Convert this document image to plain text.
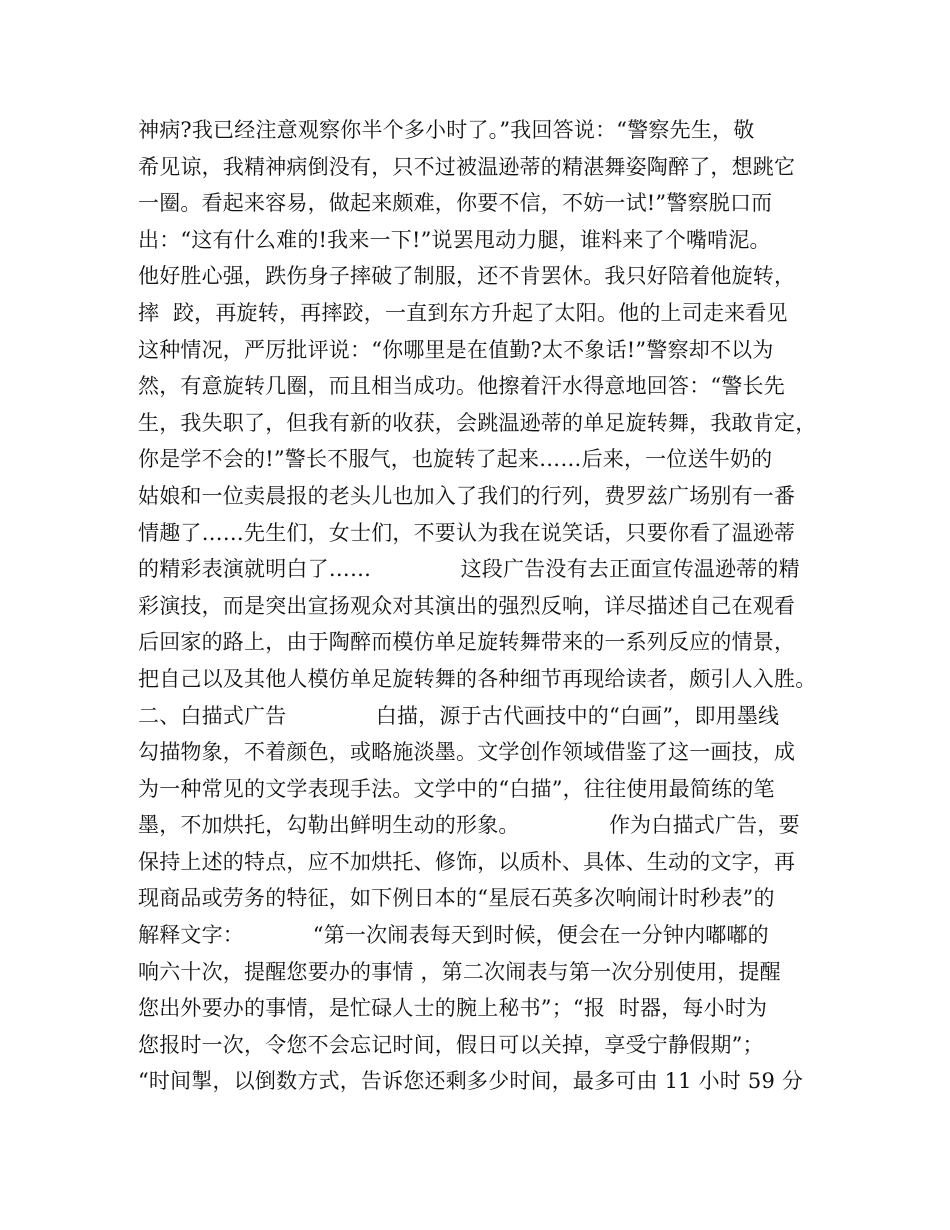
神病?我已经注意观察你半个多小时了。”我回答说：“警察先生，敬
希见谅，我精神病倒没有，只不过被温逊蒂的精湛舞姿陶醉了，想跳它
一圈。看起来容易，做起来颇难，你要不信，不妨一试!”警察脱口而
出：“这有什么难的!我来一下!”说罢甩动力腿，谁料来了个嘴啃泥。
他好胜心强，跌伤身子摔破了制服，还不肯罢休。我只好陪着他旋转，
摔  跤，再旋转，再摔跤，一直到东方升起了太阳。他的上司走来看见
这种情况，严厉批评说：“你哪里是在值勤?太不象话!”警察却不以为
然，有意旋转几圈，而且相当成功。他擦着汗水得意地回答：“警长先
生，我失职了，但我有新的收获，会跳温逊蒂的单足旋转舞，我敢肯定，
你是学不会的!”警长不服气，也旋转了起来……后来，一位送牛奶的
姑娘和一位卖晨报的老头儿也加入了我们的行列，费罗兹广场别有一番
情趣了……先生们，女士们，不要认为我在说笑话，只要你看了温逊蒂
的精彩表演就明白了……             这段广告没有去正面宣传温逊蒂的精
彩演技，而是突出宣扬观众对其演出的强烈反响，详尽描述自己在观看
后回家的路上，由于陶醉而模仿单足旋转舞带来的一系列反应的情景，
把自己以及其他人模仿单足旋转舞的各种细节再现给读者，颇引人入胜。
二、白描式广告             白描，源于古代画技中的“白画”，即用墨线
勾描物象，不着颜色，或略施淡墨。文学创作领域借鉴了这一画技，成
为一种常见的文学表现手法。文学中的“白描”，往往使用最简练的笔
墨，不加烘托，勾勒出鲜明生动的形象。             作为白描式广告，要
保持上述的特点，应不加烘托、修饰，以质朴、具体、生动的文字，再
现商品或劳务的特征，如下例日本的“星辰石英多次响闹计时秒表”的
解释文字：          “第一次闹表每天到时候，便会在一分钟内嘟嘟的
响六十次，提醒您要办的事情 ，第二次闹表与第一次分别使用，提醒
您出外要办的事情，是忙碌人士的腕上秘书”；“报  时器，每小时为
您报时一次，令您不会忘记时间，假日可以关掉，享受宁静假期”；
“时间掣，以倒数方式，告诉您还剩多少时间，最多可由 11 小时 59 分
